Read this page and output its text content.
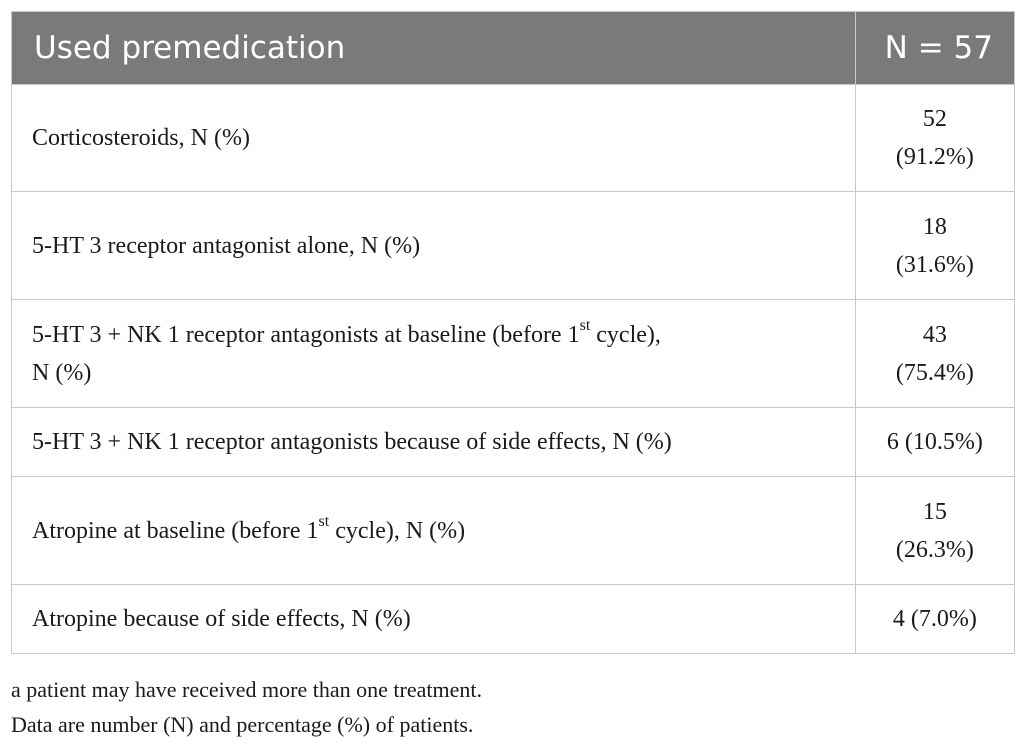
Used premedication	N = 57
Corticosteroids, N (%)	52
(91.2%)

5-HT 3 receptor antagonist alone, N (%)	18
(31.6%)

5-HT 3 + NK 1 receptor antagonists at baseline (before 1st cycle),
N (%)	43
(75.4%)

5-HT 3 + NK 1 receptor antagonists because of side effects, N (%)	6 (10.5%)
Atropine at baseline (before 1st cycle), N (%)	15
(26.3%)

Atropine because of side effects, N (%)	4 (7.0%)
a patient may have received more than one treatment.
Data are number (N) and percentage (%) of patients.
